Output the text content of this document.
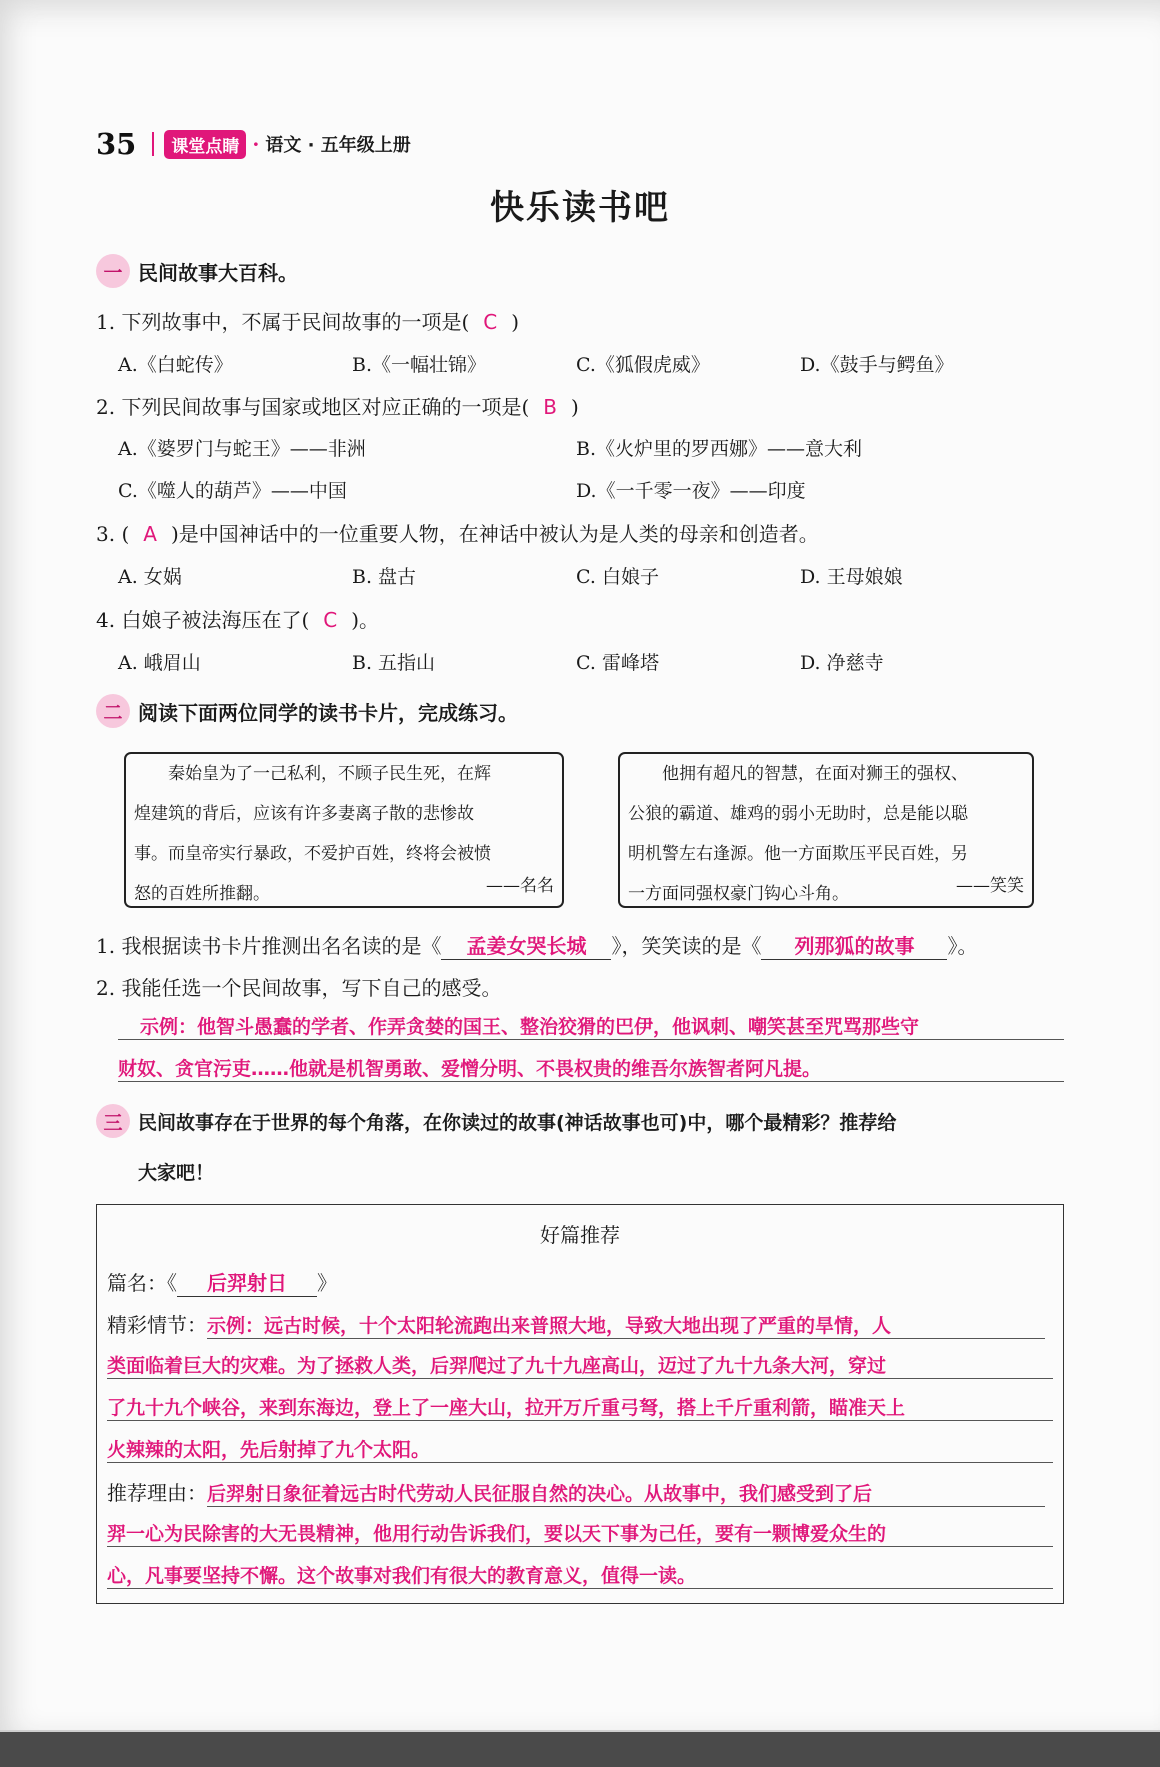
35	课堂点睛 · 语文 · 五年级上册
快乐读书吧
一 民间故事大百科。
1. 下列故事中，不属于民间故事的一项是( C )
A.《白蛇传》	B.《一幅壮锦》	C.《狐假虎威》	D.《鼓手与鳄鱼》
2. 下列民间故事与国家或地区对应正确的一项是( B )
A.《婆罗门与蛇王》——非洲	B.《火炉里的罗西娜》——意大利
C.《噬人的葫芦》——中国	D.《一千零一夜》——印度
3. ( A )是中国神话中的一位重要人物，在神话中被认为是人类的母亲和创造者。
A. 女娲	B. 盘古	C. 白娘子	D. 王母娘娘
4. 白娘子被法海压在了( C )。
A. 峨眉山	B. 五指山	C. 雷峰塔	D. 净慈寺
二 阅读下面两位同学的读书卡片，完成练习。
秦始皇为了一己私利，不顾子民生死，在辉
煌建筑的背后，应该有许多妻离子散的悲惨故
事。而皇帝实行暴政，不爱护百姓，终将会被愤
怒的百姓所推翻。	——名名
他拥有超凡的智慧，在面对狮王的强权、
公狼的霸道、雄鸡的弱小无助时，总是能以聪
明机警左右逢源。他一方面欺压平民百姓，另
一方面同强权豪门钩心斗角。	——笑笑
1. 我根据读书卡片推测出名名读的是《 孟姜女哭长城 》，笑笑读的是《 列那狐的故事 》。
2. 我能任选一个民间故事，写下自己的感受。
示例：他智斗愚蠢的学者、作弄贪婪的国王、整治狡猾的巴伊，他讽刺、嘲笑甚至咒骂那些守
财奴、贪官污吏……他就是机智勇敢、爱憎分明、不畏权贵的维吾尔族智者阿凡提。
三 民间故事存在于世界的每个角落，在你读过的故事(神话故事也可)中，哪个最精彩？推荐给
大家吧！
好篇推荐
篇名：《 后羿射日 》
精彩情节：示例：远古时候，十个太阳轮流跑出来普照大地，导致大地出现了严重的旱情，人
类面临着巨大的灾难。为了拯救人类，后羿爬过了九十九座高山，迈过了九十九条大河，穿过
了九十九个峡谷，来到东海边，登上了一座大山，拉开万斤重弓弩，搭上千斤重利箭，瞄准天上
火辣辣的太阳，先后射掉了九个太阳。
推荐理由：后羿射日象征着远古时代劳动人民征服自然的决心。从故事中，我们感受到了后
羿一心为民除害的大无畏精神，他用行动告诉我们，要以天下事为己任，要有一颗博爱众生的
心，凡事要坚持不懈。这个故事对我们有很大的教育意义，值得一读。
